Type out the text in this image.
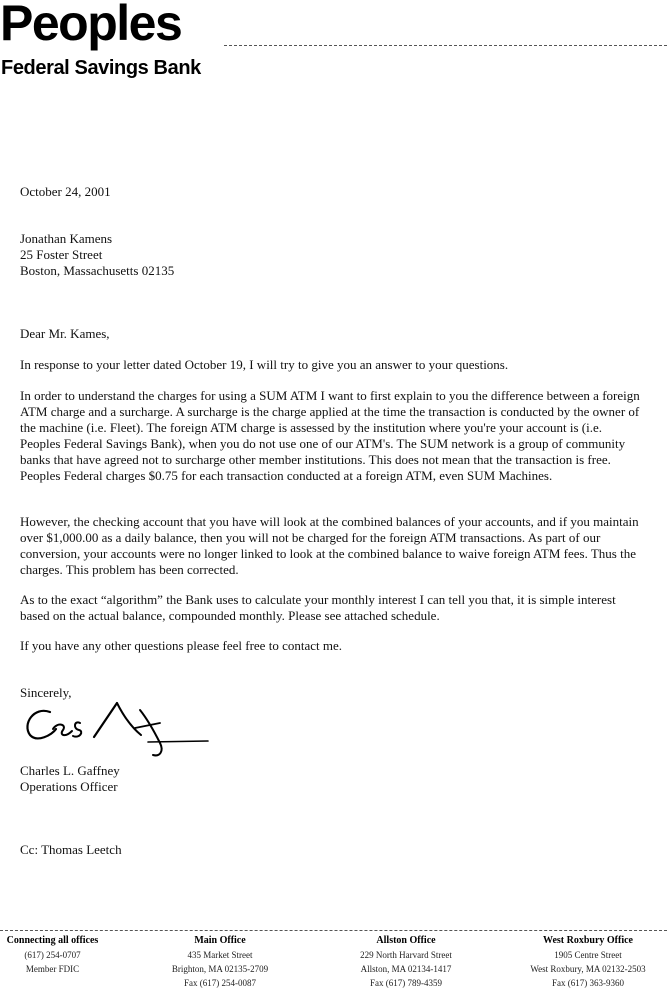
Peoples
Federal Savings Bank
October 24, 2001
Jonathan Kamens
25 Foster Street
Boston, Massachusetts 02135
Dear Mr. Kames,
In response to your letter dated October 19, I will try to give you an answer to your questions.
In order to understand the charges for using a SUM ATM I want to first explain to you the difference between a foreign ATM charge and a surcharge. A surcharge is the charge applied at the time the transaction is conducted by the owner of the machine (i.e. Fleet). The foreign ATM charge is assessed by the institution where you're your account is (i.e. Peoples Federal Savings Bank), when you do not use one of our ATM's. The SUM network is a group of community banks that have agreed not to surcharge other member institutions. This does not mean that the transaction is free. Peoples Federal charges $0.75 for each transaction conducted at a foreign ATM, even SUM Machines.
However, the checking account that you have will look at the combined balances of your accounts, and if you maintain over $1,000.00 as a daily balance, then you will not be charged for the foreign ATM transactions. As part of our conversion, your accounts were no longer linked to look at the combined balance to waive foreign ATM fees. Thus the charges. This problem has been corrected.
As to the exact “algorithm” the Bank uses to calculate your monthly interest I can tell you that, it is simple interest based on the actual balance, compounded monthly. Please see attached schedule.
If you have any other questions please feel free to contact me.
Sincerely,
Charles L. Gaffney
Operations Officer
Cc: Thomas Leetch
Connecting all offices
(617) 254-0707
Member FDIC
Main Office
435 Market Street
Brighton, MA 02135-2709
Fax (617) 254-0087
Allston Office
229 North Harvard Street
Allston, MA 02134-1417
Fax (617) 789-4359
West Roxbury Office
1905 Centre Street
West Roxbury, MA 02132-2503
Fax (617) 363-9360
